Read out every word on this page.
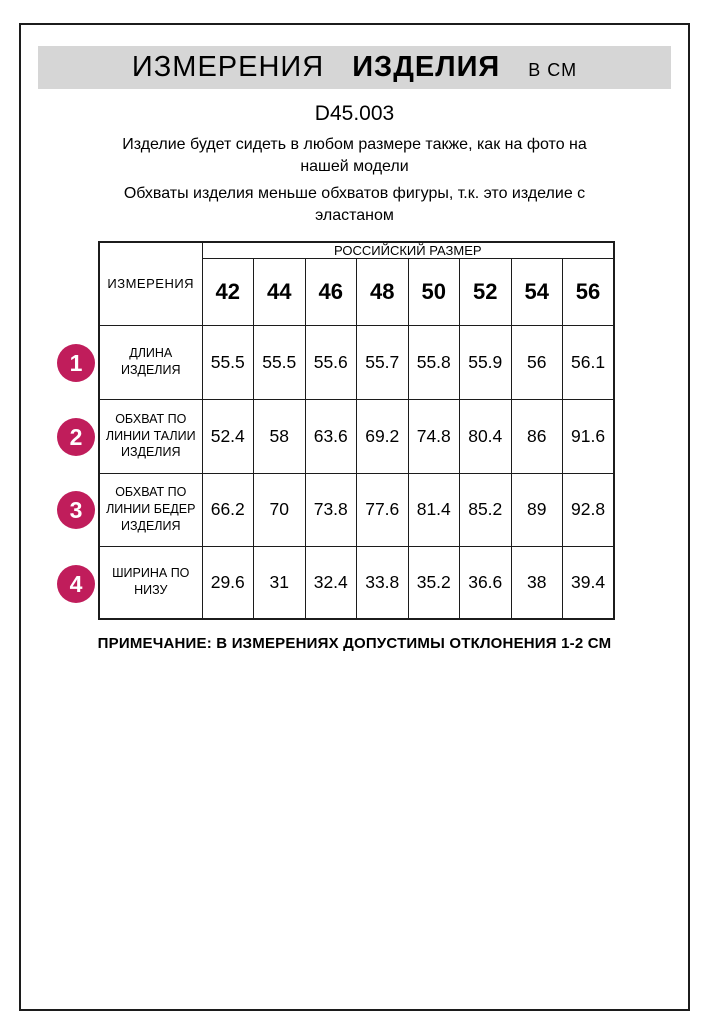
ИЗМЕРЕНИЯ ИЗДЕЛИЯ В СМ
D45.003

Изделие будет сидеть в любом размере также, как на фото на нашей модели

Обхваты изделия меньше обхватов фигуры, т.к. это изделие с эластаном

1
2
3
4
ИЗМЕРЕНИЯ	РОССИЙСКИЙ РАЗМЕР							
	42	44	46	48	50	52	54	56
ДЛИНА ИЗДЕЛИЯ	55.5	55.5	55.6	55.7	55.8	55.9	56	56.1
ОБХВАТ ПО ЛИНИИ ТАЛИИ ИЗДЕЛИЯ	52.4	58	63.6	69.2	74.8	80.4	86	91.6
ОБХВАТ ПО ЛИНИИ БЕДЕР ИЗДЕЛИЯ	66.2	70	73.8	77.6	81.4	85.2	89	92.8
ШИРИНА ПО НИЗУ	29.6	31	32.4	33.8	35.2	36.6	38	39.4
ПРИМЕЧАНИЕ: В ИЗМЕРЕНИЯХ ДОПУСТИМЫ ОТКЛОНЕНИЯ 1-2 СМ
